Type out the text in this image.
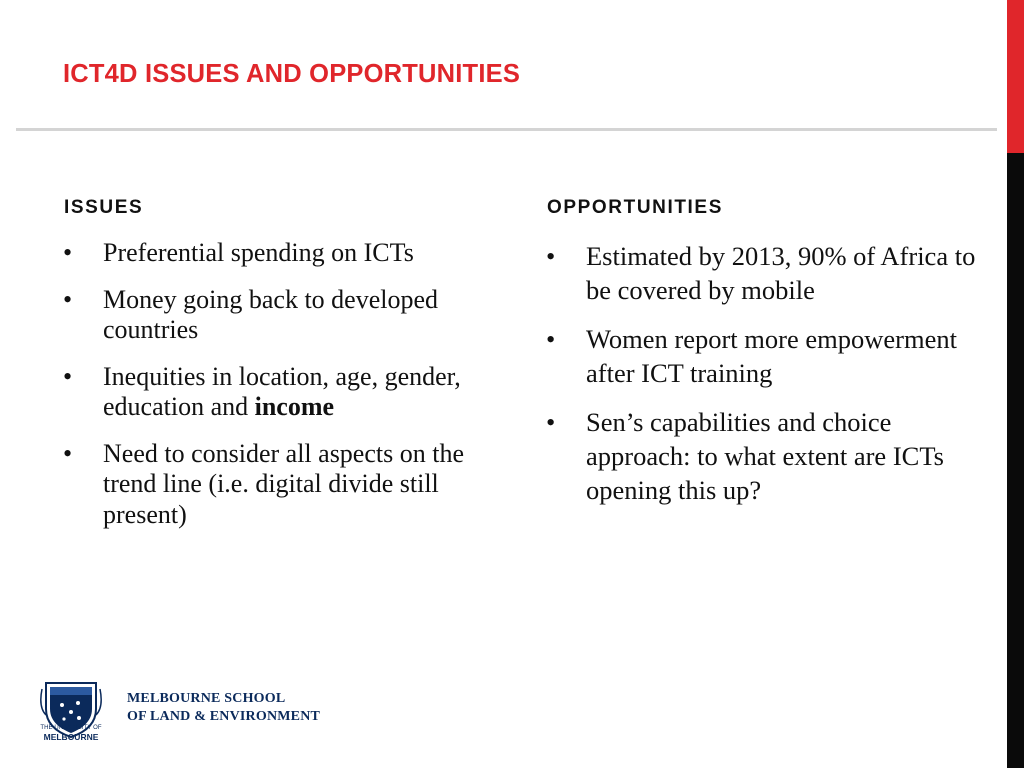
ICT4D ISSUES AND OPPORTUNITIES
ISSUES
• Preferential spending on ICTs
• Money going back to developed countries
• Inequities in location, age, gender, education and income
• Need to consider all aspects on the trend line (i.e. digital divide still present)
OPPORTUNITIES
• Estimated by 2013, 90% of Africa to be covered by mobile
• Women report more empowerment after ICT training
• Sen’s capabilities and choice approach: to what extent are ICTs opening this up?
THE UNIVERSITY OF
MELBOURNE
MELBOURNE SCHOOL
OF LAND & ENVIRONMENT
